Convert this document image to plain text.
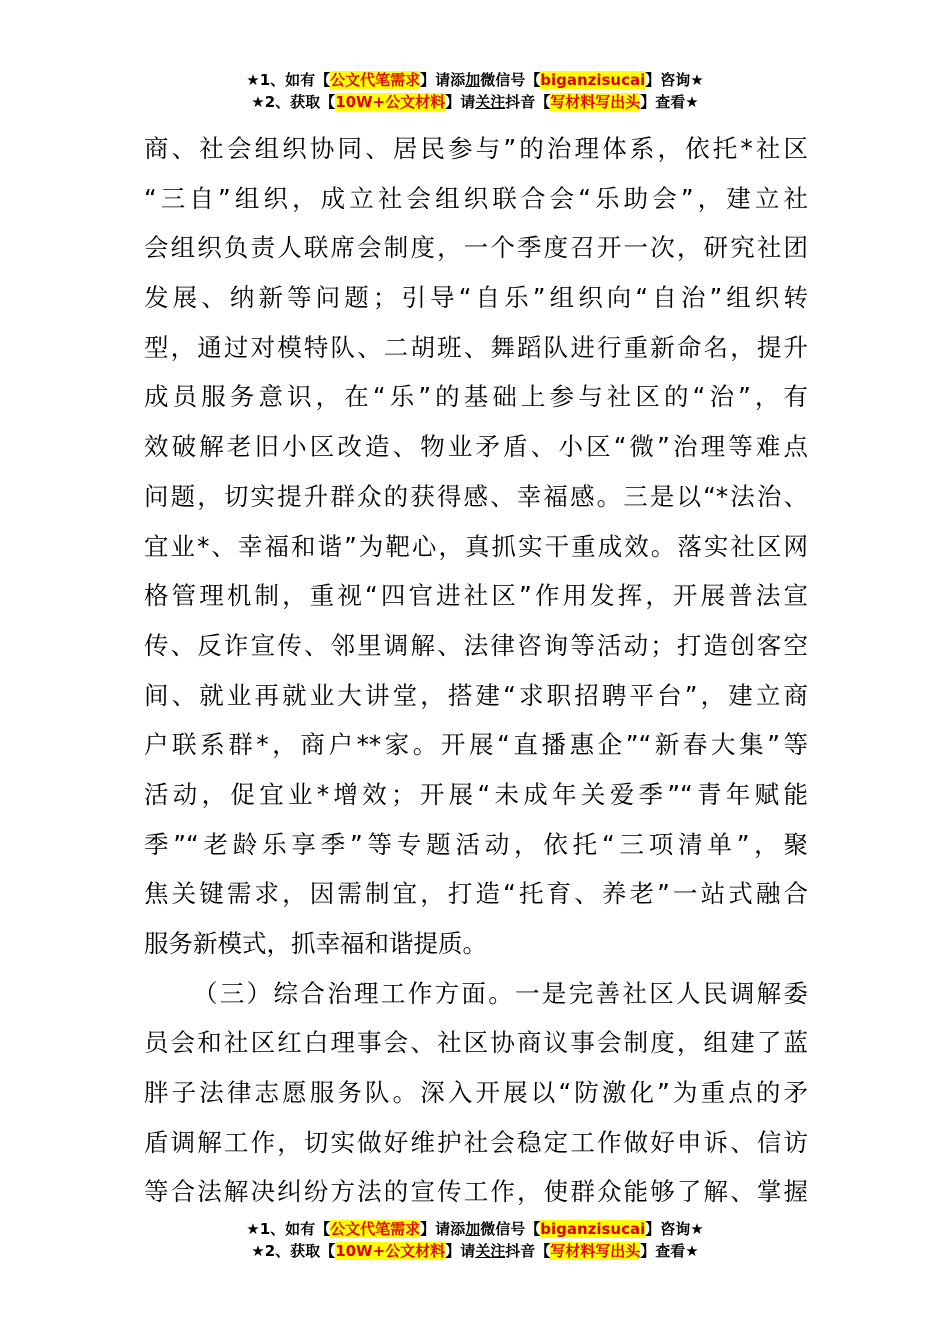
★1、如有【公文代笔需求】请添加微信号【biganzisucai】咨询★
★2、获取【10W+公文材料】请关注抖音【写材料写出头】查看★
商、社会组织协同、居民参与”的治理体系，依托*社区
“三自”组织，成立社会组织联合会“乐助会”，建立社
会组织负责人联席会制度，一个季度召开一次，研究社团
发展、纳新等问题；引导“自乐”组织向“自治”组织转
型，通过对模特队、二胡班、舞蹈队进行重新命名，提升
成员服务意识，在“乐”的基础上参与社区的“治”，有
效破解老旧小区改造、物业矛盾、小区“微”治理等难点
问题，切实提升群众的获得感、幸福感。三是以“*法治、
宜业*、幸福和谐”为靶心，真抓实干重成效。落实社区网
格管理机制，重视“四官进社区”作用发挥，开展普法宣
传、反诈宣传、邻里调解、法律咨询等活动；打造创客空
间、就业再就业大讲堂，搭建“求职招聘平台”，建立商
户联系群*，商户**家。开展“直播惠企”“新春大集”等
活动，促宜业*增效；开展“未成年关爱季”“青年赋能
季”“老龄乐享季”等专题活动，依托“三项清单”，聚
焦关键需求，因需制宜，打造“托育、养老”一站式融合
服务新模式，抓幸福和谐提质。
（三）综合治理工作方面。一是完善社区人民调解委
员会和社区红白理事会、社区协商议事会制度，组建了蓝
胖子法律志愿服务队。深入开展以“防激化”为重点的矛
盾调解工作，切实做好维护社会稳定工作做好申诉、信访
等合法解决纠纷方法的宣传工作，使群众能够了解、掌握
★1、如有【公文代笔需求】请添加微信号【biganzisucai】咨询★
★2、获取【10W+公文材料】请关注抖音【写材料写出头】查看★
